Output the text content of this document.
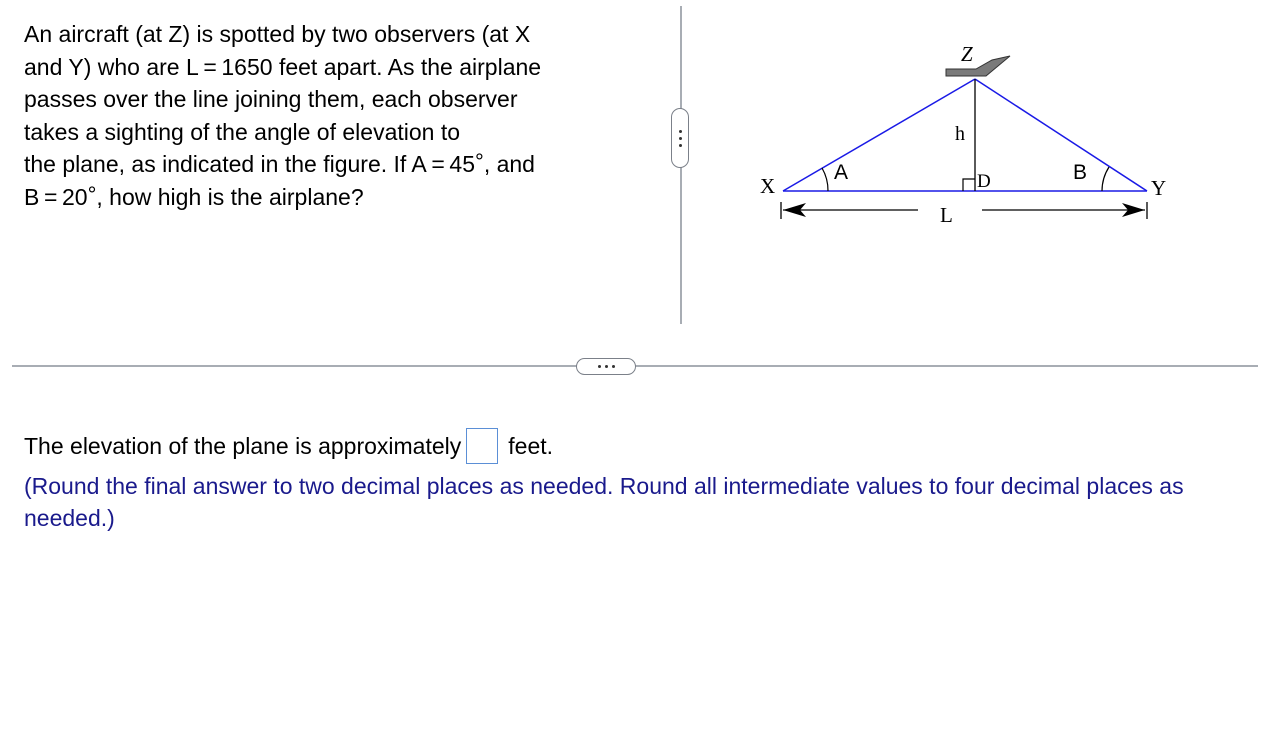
An aircraft (at Z) is spotted by two observers (at X
and Y) who are L = 1650 feet apart. As the airplane
passes over the line joining them, each observer
takes a sighting of the angle of elevation to
the plane, as indicated in the figure. If A = 45°, and
B = 20°, how high is the airplane?	X	Y
Z
A	B
D
h
L
The elevation of the plane is approximately feet.
(Round the final answer to two decimal places as needed. Round all intermediate values to four decimal places as needed.)
